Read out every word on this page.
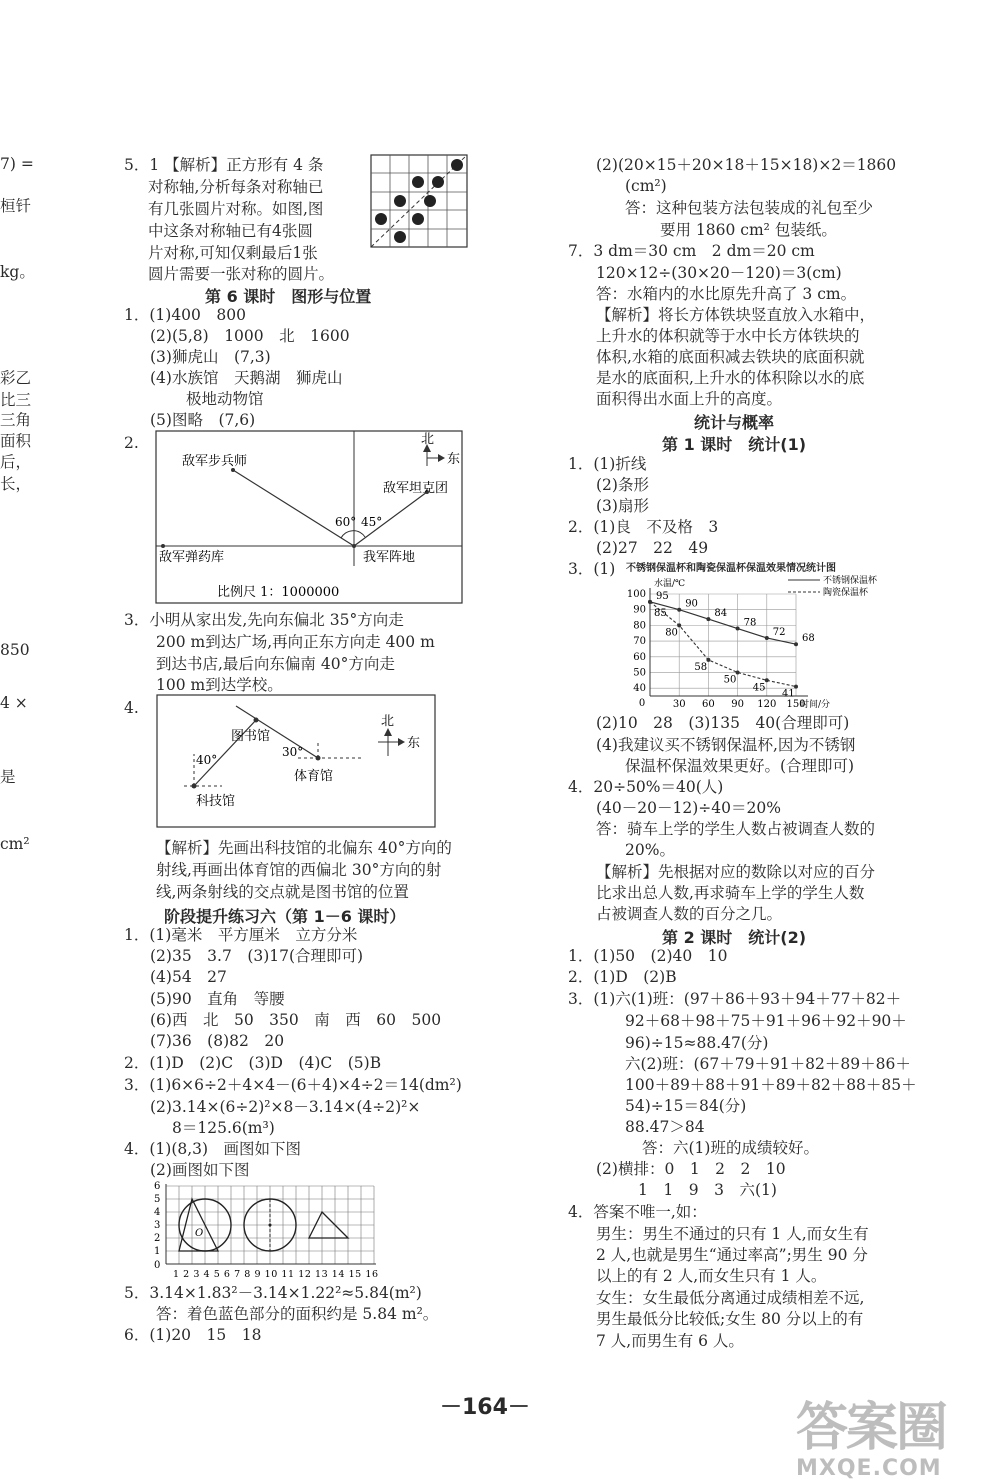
7) =
桓钎
kg。
彩乙
比三
三角
面积
后，
长，
850
4 ×
是
cm²
5．1 【解析】正方形有 4 条
对称轴,分析每条对称轴已
有几张圆片对称。如图,图
中这条对称轴已有4张圆
片对称,可知仅剩最后1张
圆片需要一张对称的圆片。
第 6 课时　图形与位置
1．(1)400　800
(2)(5,8)　1000　北　1600
(3)狮虎山　(7,3)
(4)水族馆　天鹅湖　狮虎山
极地动物馆
(5)图略　(7,6)
2.	北
东
敌军步兵师
敌军坦克团
60° 45°
敌军弹药库	我军阵地
比例尺 1：1000000
3．小明从家出发,先向东偏北 35°方向走
200 m到达广场,再向正东方向走 400 m
到达书店,最后向东偏南 40°方向走
100 m到达学校。
4.
北
东
图书馆
体育馆
科技馆
40°
30°
【解析】先画出科技馆的北偏东 40°方向的
射线,再画出体育馆的西偏北 30°方向的射
线,两条射线的交点就是图书馆的位置
阶段提升练习六（第 1－6 课时）
1．(1)毫米　平方厘米　立方分米
(2)35　3.7　(3)17(合理即可)
(4)54　27
(5)90　直角　等腰
(6)西　北　50　350　南　西　60　500
(7)36　(8)82　20
2．(1)D　(2)C　(3)D　(4)C　(5)B
3．(1)6×6÷2＋4×4－(6＋4)×4÷2＝14(dm²)
(2)3.14×(6÷2)²×8－3.14×(4÷2)²×
8＝125.6(m³)
4．(1)(8,3)　画图如下图
(2)画图如下图
6
5
4
3
2
1
0
O
1 2 3 4 5 6 7 8 9 10 11 12 13 14 15 16
5．3.14×1.83²－3.14×1.22²≈5.84(m²)
答：着色蓝色部分的面积约是 5.84 m²。
6．(1)20　15　18
(2)(20×15＋20×18＋15×18)×2＝1860
(cm²)
答：这种包装方法包装成的礼包至少
要用 1860 cm² 包装纸。
7．3 dm＝30 cm　2 dm＝20 cm
120×12÷(30×20－120)＝3(cm)
答：水箱内的水比原先升高了 3 cm。
【解析】将长方体铁块竖直放入水箱中，
上升水的体积就等于水中长方体铁块的
体积,水箱的底面积减去铁块的底面积就
是水的底面积,上升水的体积除以水的底
面积得出水面上升的高度。
统计与概率
第 1 课时　统计(1)
1．(1)折线
(2)条形
(3)扇形
2．(1)良　不及格　3
(2)27　22　49
3．(1) 不锈钢保温杯和陶瓷保温杯保温效果情况统计图
40
50
60
70
80
90
100
30 60 90 120 150
0
水温/℃
时间/分
95
90
84
78
72
68
85
80
58
50
45
41
不锈钢保温杯
陶瓷保温杯
(2)10　28　(3)135　40(合理即可)
(4)我建议买不锈钢保温杯,因为不锈钢
保温杯保温效果更好。(合理即可)
4．20÷50%＝40(人)
(40－20－12)÷40＝20%
答：骑车上学的学生人数占被调查人数的
20%。
【解析】先根据对应的数除以对应的百分
比求出总人数,再求骑车上学的学生人数
占被调查人数的百分之几。
第 2 课时　统计(2)
1．(1)50　(2)40　10
2．(1)D　(2)B
3．(1)六(1)班：(97＋86＋93＋94＋77＋82＋
92＋68＋98＋75＋91＋96＋92＋90＋
96)÷15≈88.47(分)
六(2)班：(67＋79＋91＋82＋89＋86＋
100＋89＋88＋91＋89＋82＋88＋85＋
54)÷15＝84(分)
88.47＞84
答：六(1)班的成绩较好。
(2)横排：0　1　2　2　10
1　1　9　3　六(1)
4．答案不唯一,如：
男生：男生不通过的只有 1 人,而女生有
2 人,也就是男生“通过率高”;男生 90 分
以上的有 2 人,而女生只有 1 人。
女生：女生最低分离通过成绩相差不远,
男生最低分比较低;女生 80 分以上的有
7 人,而男生有 6 人。
－164－	答案圈
MXQE.COM
